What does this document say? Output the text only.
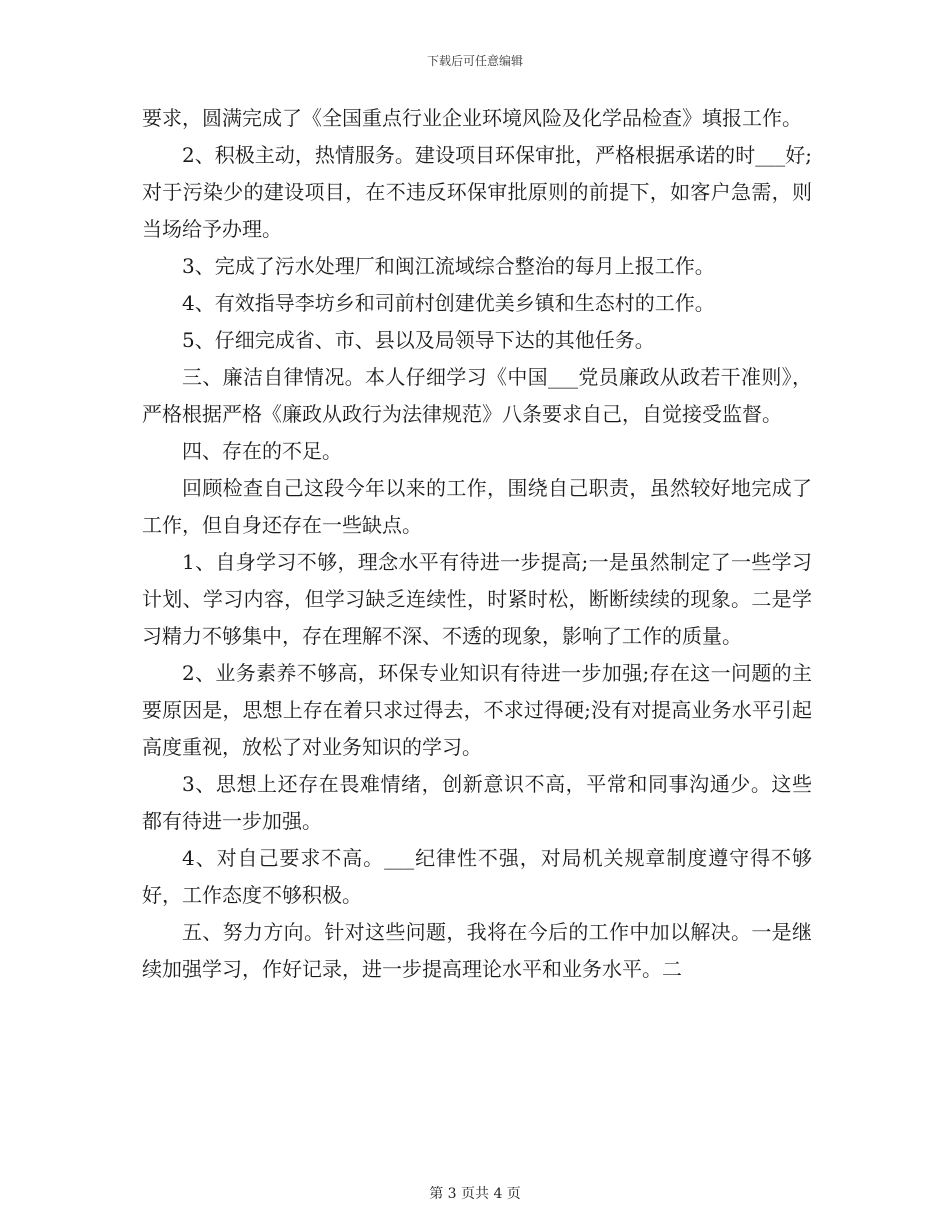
下载后可任意编辑

要求，圆满完成了《全国重点行业企业环境风险及化学品检查》填报工作。

2、积极主动，热情服务。建设项目环保审批，严格根据承诺的时___好;对于污染少的建设项目，在不违反环保审批原则的前提下，如客户急需，则当场给予办理。

3、完成了污水处理厂和闽江流域综合整治的每月上报工作。

4、有效指导李坊乡和司前村创建优美乡镇和生态村的工作。

5、仔细完成省、市、县以及局领导下达的其他任务。

三、廉洁自律情况。本人仔细学习《中国___党员廉政从政若干准则》，严格根据严格《廉政从政行为法律规范》八条要求自己，自觉接受监督。

四、存在的不足。

回顾检查自己这段今年以来的工作，围绕自己职责，虽然较好地完成了工作，但自身还存在一些缺点。

1、自身学习不够，理念水平有待进一步提高;一是虽然制定了一些学习计划、学习内容，但学习缺乏连续性，时紧时松，断断续续的现象。二是学习精力不够集中，存在理解不深、不透的现象，影响了工作的质量。

2、业务素养不够高，环保专业知识有待进一步加强;存在这一问题的主要原因是，思想上存在着只求过得去，不求过得硬;没有对提高业务水平引起高度重视，放松了对业务知识的学习。

3、思想上还存在畏难情绪，创新意识不高，平常和同事沟通少。这些都有待进一步加强。

4、对自己要求不高。___纪律性不强，对局机关规章制度遵守得不够好，工作态度不够积极。

五、努力方向。针对这些问题，我将在今后的工作中加以解决。一是继续加强学习，作好记录，进一步提高理论水平和业务水平。二

第 3 页共 4 页
